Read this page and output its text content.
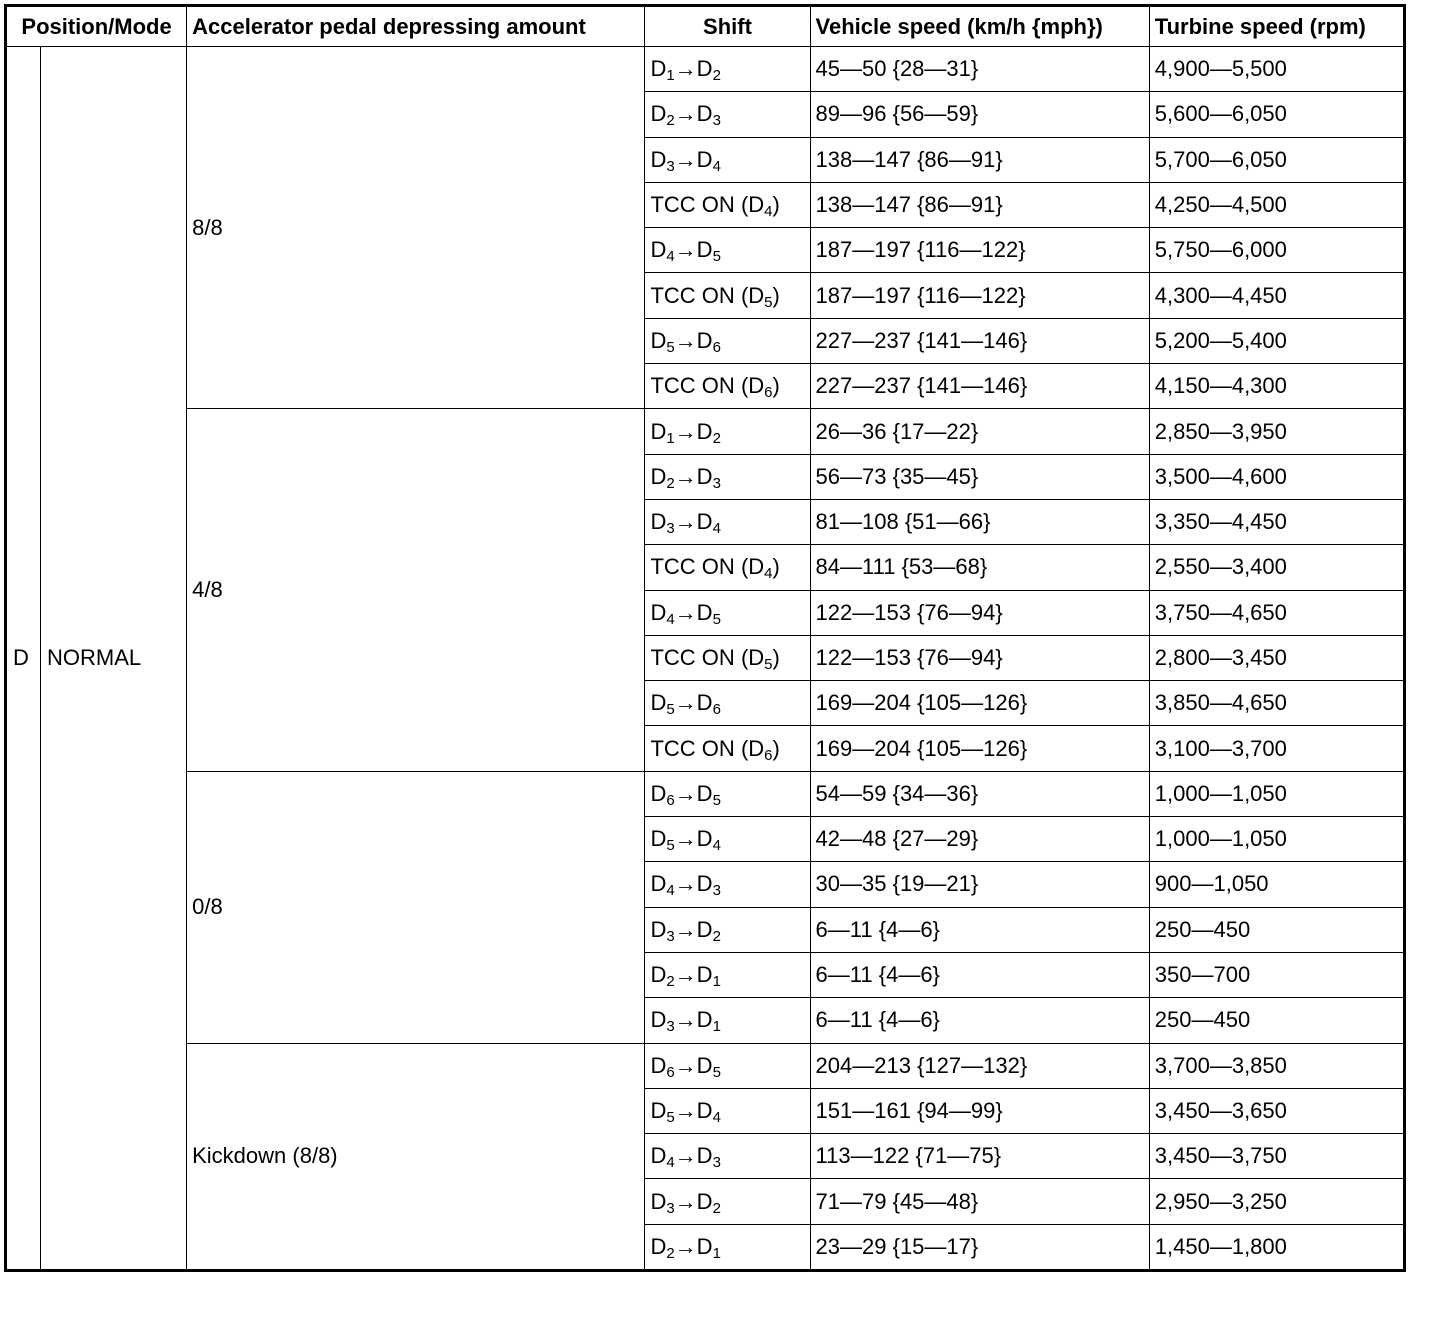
Position/Mode		Accelerator pedal depressing amount	Shift	Vehicle speed (km/h {mph})	Turbine speed (rpm)
D	NORMAL	8/8	$D_1\to D_2$	45—50 {28—31}	4,900—5,500
			$D_2\to D_3$	89—96 {56—59}	5,600—6,050
			$D_3\to D_4$	138—147 {86—91}	5,700—6,050
			TCC ON $(D_4)$	138—147 {86—91}	4,250—4,500
			$D_4\to D_5$	187—197 {116—122}	5,750—6,000
			TCC ON $(D_5)$	187—197 {116—122}	4,300—4,450
			$D_5\to D_6$	227—237 {141—146}	5,200—5,400
			TCC ON $(D_6)$	227—237 {141—146}	4,150—4,300
		4/8	$D_1\to D_2$	26—36 {17—22}	2,850—3,950
			$D_2\to D_3$	56—73 {35—45}	3,500—4,600
			$D_3\to D_4$	81—108 {51—66}	3,350—4,450
			TCC ON $(D_4)$	84—111 {53—68}	2,550—3,400
			$D_4\to D_5$	122—153 {76—94}	3,750—4,650
			TCC ON $(D_5)$	122—153 {76—94}	2,800—3,450
			$D_5\to D_6$	169—204 {105—126}	3,850—4,650
			TCC ON $(D_6)$	169—204 {105—126}	3,100—3,700
		0/8	$D_6\to D_5$	54—59 {34—36}	1,000—1,050
			$D_5\to D_4$	42—48 {27—29}	1,000—1,050
			$D_4\to D_3$	30—35 {19—21}	900—1,050
			$D_3\to D_2$	6—11 {4—6}	250—450
			$D_2\to D_1$	6—11 {4—6}	350—700
			$D_3\to D_1$	6—11 {4—6}	250—450
		Kickdown (8/8)	$D_6\to D_5$	204—213 {127—132}	3,700—3,850
			$D_5\to D_4$	151—161 {94—99}	3,450—3,650
			$D_4\to D_3$	113—122 {71—75}	3,450—3,750
			$D_3\to D_2$	71—79 {45—48}	2,950—3,250
			$D_2\to D_1$	23—29 {15—17}	1,450—1,800
